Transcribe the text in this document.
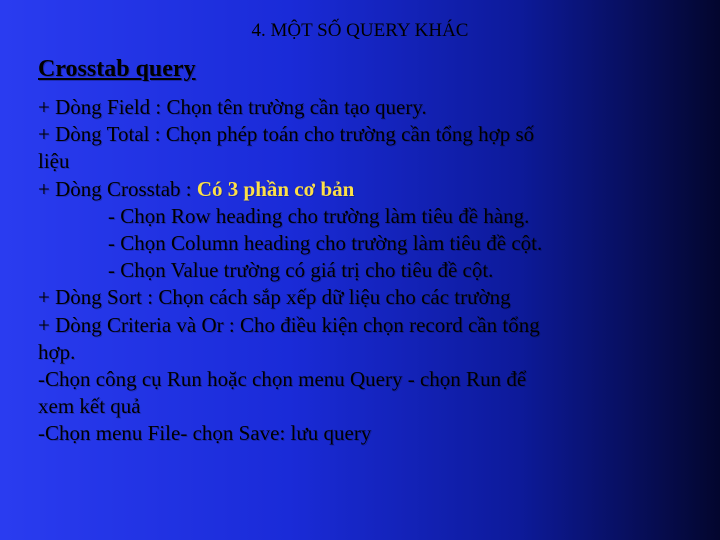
4. MỘT SỐ QUERY KHÁC
Crosstab query
+ Dòng Field : Chọn tên trường cần tạo query.
+ Dòng Total : Chọn phép toán cho trường cần tổng hợp số
liệu
+ Dòng Crosstab : Có 3 phần cơ bản
- Chọn Row heading cho trường làm tiêu đề hàng.
- Chọn Column heading cho trường làm tiêu đề cột.
- Chọn Value trường có giá trị cho tiêu đề cột.
+ Dòng Sort : Chọn cách sắp xếp dữ liệu cho các trường
+ Dòng Criteria và Or : Cho điều kiện chọn record cần tổng
hợp.
-Chọn công cụ Run hoặc chọn menu Query - chọn Run để
xem kết quả
-Chọn menu File- chọn Save: lưu query
